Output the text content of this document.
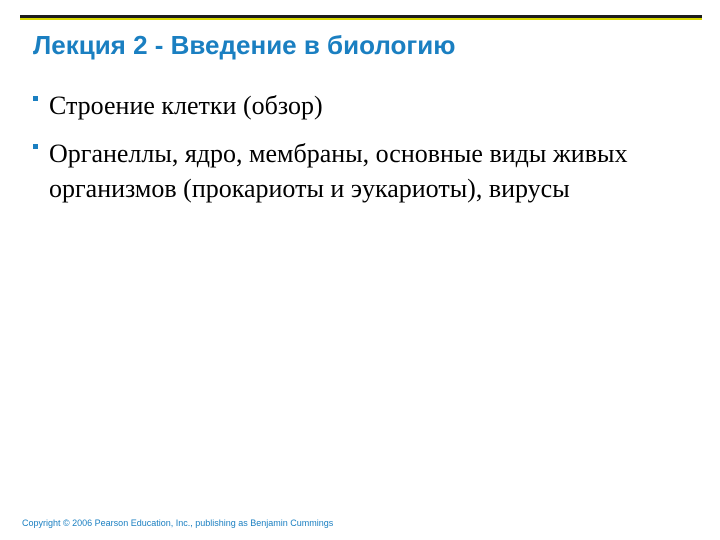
Лекция 2 - Введение в биологию
Строение клетки (обзор)
Органеллы, ядро, мембраны, основные виды живых организмов (прокариоты и эукариоты), вирусы

Copyright © 2006 Pearson Education, Inc., publishing as Benjamin Cummings
